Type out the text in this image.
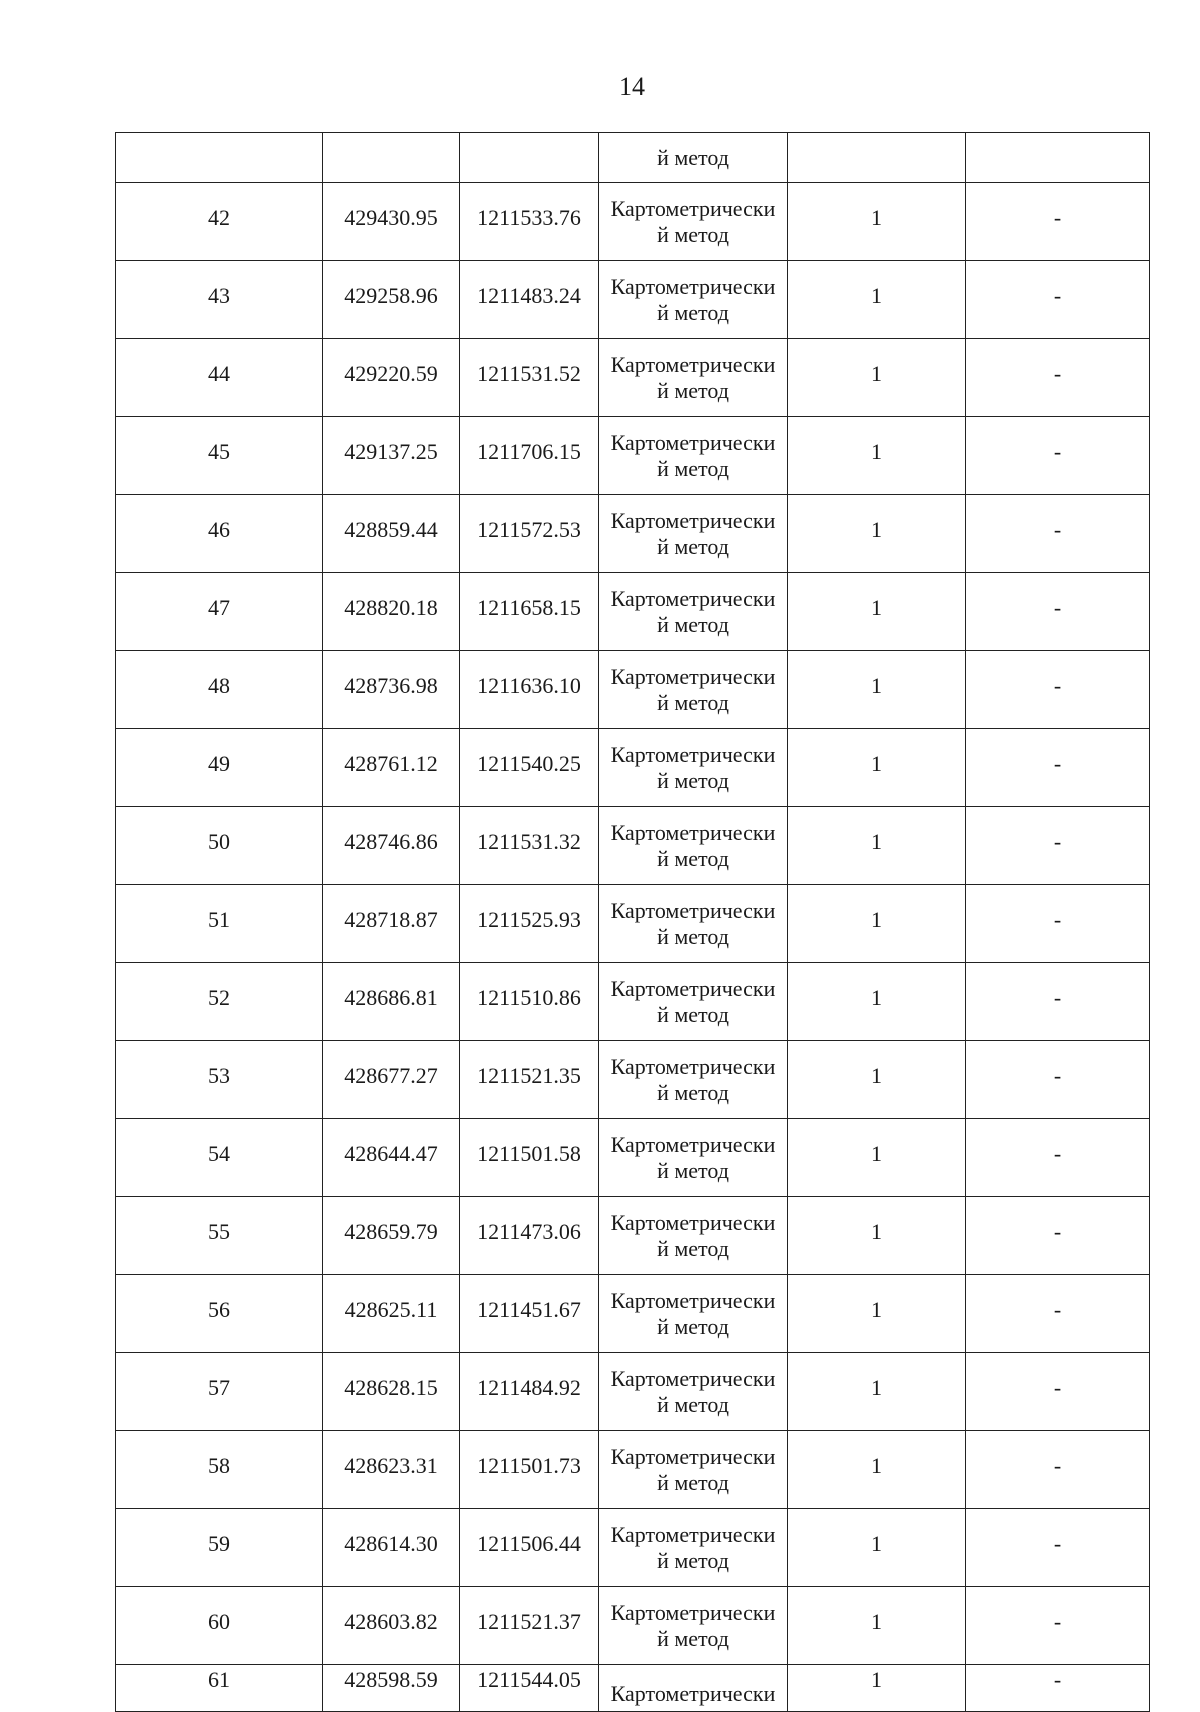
14
			й метод		
42	429430.95	1211533.76	Картометрически
й метод	1	-
43	429258.96	1211483.24	Картометрически
й метод	1	-
44	429220.59	1211531.52	Картометрически
й метод	1	-
45	429137.25	1211706.15	Картометрически
й метод	1	-
46	428859.44	1211572.53	Картометрически
й метод	1	-
47	428820.18	1211658.15	Картометрически
й метод	1	-
48	428736.98	1211636.10	Картометрически
й метод	1	-
49	428761.12	1211540.25	Картометрически
й метод	1	-
50	428746.86	1211531.32	Картометрически
й метод	1	-
51	428718.87	1211525.93	Картометрически
й метод	1	-
52	428686.81	1211510.86	Картометрически
й метод	1	-
53	428677.27	1211521.35	Картометрически
й метод	1	-
54	428644.47	1211501.58	Картометрически
й метод	1	-
55	428659.79	1211473.06	Картометрически
й метод	1	-
56	428625.11	1211451.67	Картометрически
й метод	1	-
57	428628.15	1211484.92	Картометрически
й метод	1	-
58	428623.31	1211501.73	Картометрически
й метод	1	-
59	428614.30	1211506.44	Картометрически
й метод	1	-
60	428603.82	1211521.37	Картометрически
й метод	1	-
61	428598.59	1211544.05	Картометрически	1	-
